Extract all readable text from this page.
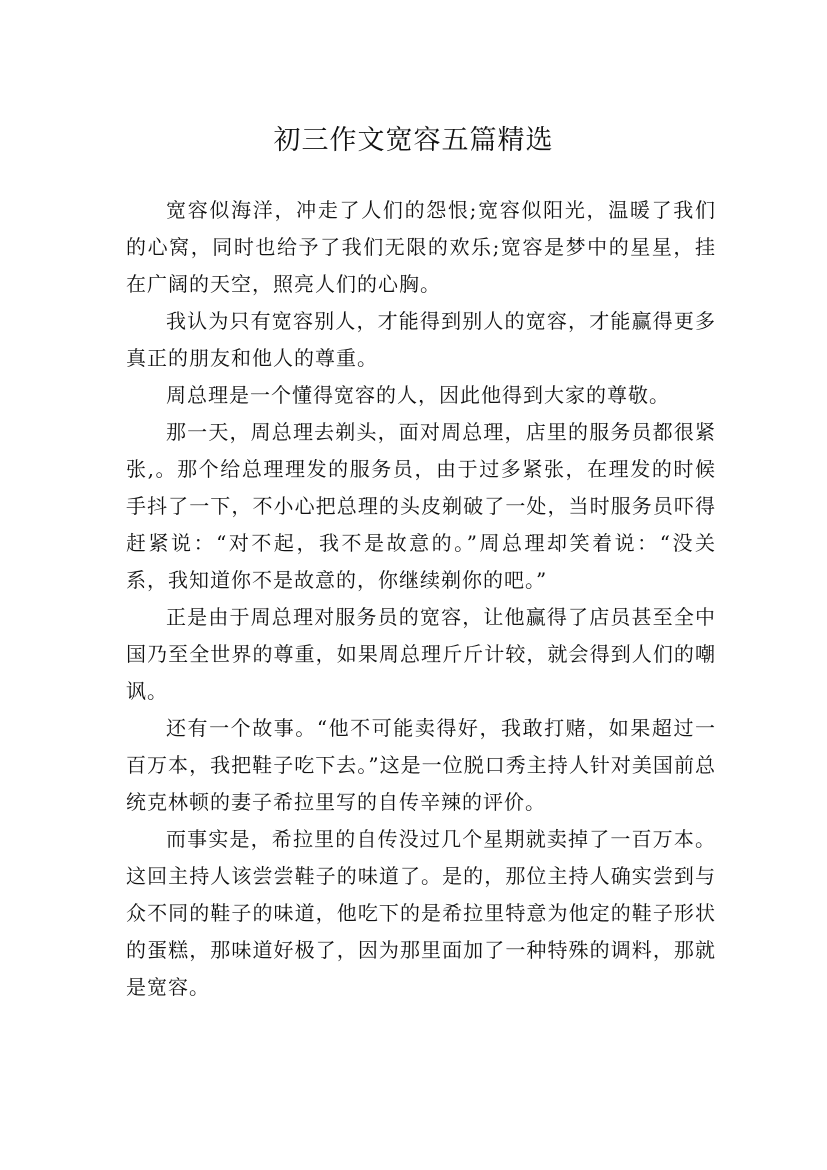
初三作文宽容五篇精选

宽容似海洋，冲走了人们的怨恨;宽容似阳光，温暖了我们的心窝，同时也给予了我们无限的欢乐;宽容是梦中的星星，挂在广阔的天空，照亮人们的心胸。

我认为只有宽容别人，才能得到别人的宽容，才能赢得更多真正的朋友和他人的尊重。

周总理是一个懂得宽容的人，因此他得到大家的尊敬。

那一天，周总理去剃头，面对周总理，店里的服务员都很紧张,。那个给总理理发的服务员，由于过多紧张，在理发的时候手抖了一下，不小心把总理的头皮剃破了一处，当时服务员吓得赶紧说：“对不起，我不是故意的。”周总理却笑着说：“没关系，我知道你不是故意的，你继续剃你的吧。”

正是由于周总理对服务员的宽容，让他赢得了店员甚至全中国乃至全世界的尊重，如果周总理斤斤计较，就会得到人们的嘲讽。

还有一个故事。“他不可能卖得好，我敢打赌，如果超过一百万本，我把鞋子吃下去。”这是一位脱口秀主持人针对美国前总统克林顿的妻子希拉里写的自传辛辣的评价。

而事实是，希拉里的自传没过几个星期就卖掉了一百万本。这回主持人该尝尝鞋子的味道了。是的，那位主持人确实尝到与众不同的鞋子的味道，他吃下的是希拉里特意为他定的鞋子形状的蛋糕，那味道好极了，因为那里面加了一种特殊的调料，那就是宽容。
